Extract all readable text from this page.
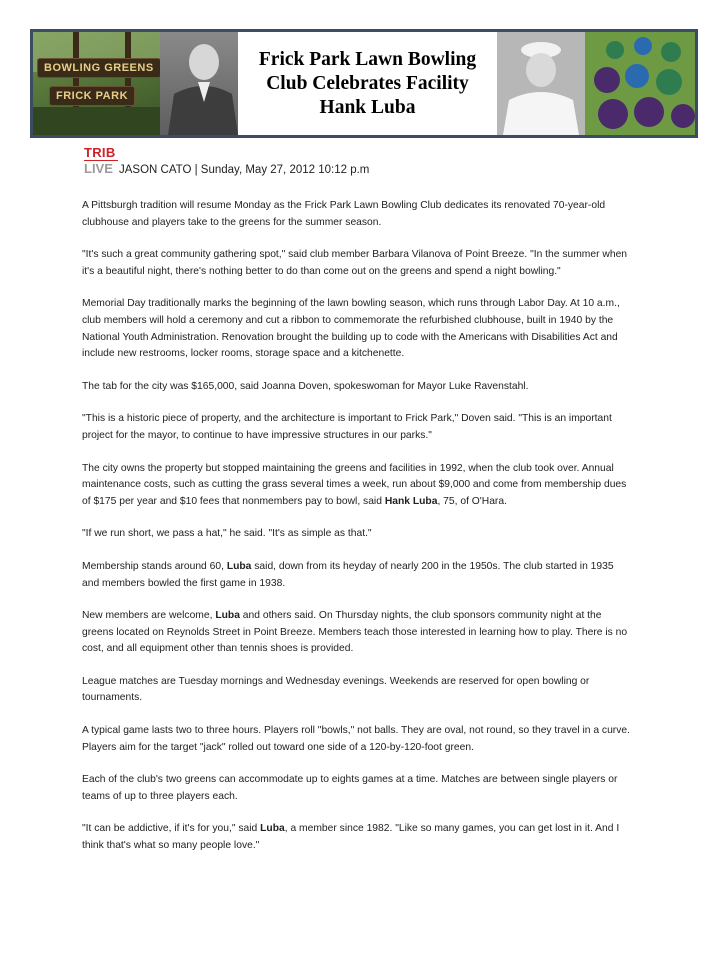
BOWLING GREENS
FRICK PARK
Frick Park Lawn Bowling
Club Celebrates Facility
Hank Luba
TRIB
LIVE JASON CATO | Sunday, May 27, 2012 10:12 p.m

A Pittsburgh tradition will resume Monday as the Frick Park Lawn Bowling Club dedicates its renovated 70-year-old clubhouse and players take to the greens for the summer season.

"It's such a great community gathering spot," said club member Barbara Vilanova of Point Breeze. "In the summer when it's a beautiful night, there's nothing better to do than come out on the greens and spend a night bowling."

Memorial Day traditionally marks the beginning of the lawn bowling season, which runs through Labor Day. At 10 a.m., club members will hold a ceremony and cut a ribbon to commemorate the refurbished clubhouse, built in 1940 by the National Youth Administration. Renovation brought the building up to code with the Americans with Disabilities Act and include new restrooms, locker rooms, storage space and a kitchenette.

The tab for the city was $165,000, said Joanna Doven, spokeswoman for Mayor Luke Ravenstahl.

"This is a historic piece of property, and the architecture is important to Frick Park," Doven said. "This is an important project for the mayor, to continue to have impressive structures in our parks."

The city owns the property but stopped maintaining the greens and facilities in 1992, when the club took over. Annual maintenance costs, such as cutting the grass several times a week, run about $9,000 and come from membership dues of $175 per year and $10 fees that nonmembers pay to bowl, said Hank Luba, 75, of O'Hara.

"If we run short, we pass a hat," he said. "It's as simple as that."

Membership stands around 60, Luba said, down from its heyday of nearly 200 in the 1950s. The club started in 1935 and members bowled the first game in 1938.

New members are welcome, Luba and others said. On Thursday nights, the club sponsors community night at the greens located on Reynolds Street in Point Breeze. Members teach those interested in learning how to play. There is no cost, and all equipment other than tennis shoes is provided.

League matches are Tuesday mornings and Wednesday evenings. Weekends are reserved for open bowling or tournaments.

A typical game lasts two to three hours. Players roll "bowls," not balls. They are oval, not round, so they travel in a curve. Players aim for the target "jack" rolled out toward one side of a 120-by-120-foot green.

Each of the club's two greens can accommodate up to eights games at a time. Matches are between single players or teams of up to three players each.

"It can be addictive, if it's for you," said Luba, a member since 1982. "Like so many games, you can get lost in it. And I think that's what so many people love."
